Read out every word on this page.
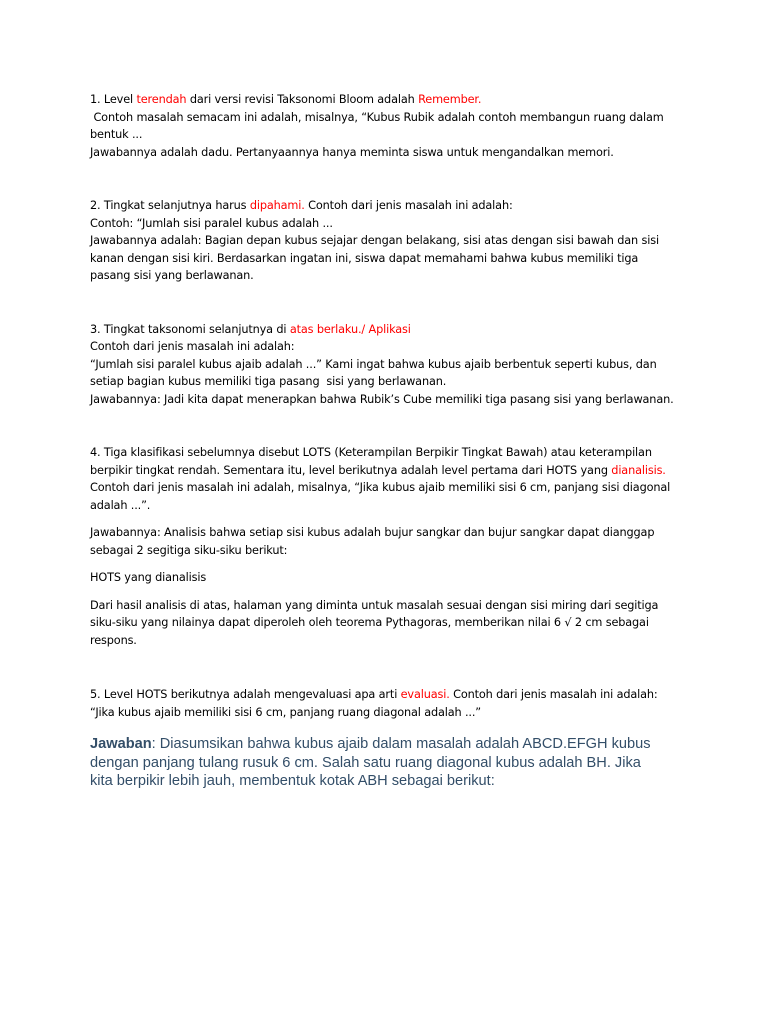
1. Level terendah dari versi revisi Taksonomi Bloom adalah Remember.

Contoh masalah semacam ini adalah, misalnya, “Kubus Rubik adalah contoh membangun ruang dalam

bentuk ...

Jawabannya adalah dadu. Pertanyaannya hanya meminta siswa untuk mengandalkan memori.

2. Tingkat selanjutnya harus dipahami. Contoh dari jenis masalah ini adalah:

Contoh: “Jumlah sisi paralel kubus adalah ...

Jawabannya adalah: Bagian depan kubus sejajar dengan belakang, sisi atas dengan sisi bawah dan sisi

kanan dengan sisi kiri. Berdasarkan ingatan ini, siswa dapat memahami bahwa kubus memiliki tiga

pasang sisi yang berlawanan.

3. Tingkat taksonomi selanjutnya di atas berlaku./ Aplikasi

Contoh dari jenis masalah ini adalah:

“Jumlah sisi paralel kubus ajaib adalah ...” Kami ingat bahwa kubus ajaib berbentuk seperti kubus, dan

setiap bagian kubus memiliki tiga pasang  sisi yang berlawanan.

Jawabannya: Jadi kita dapat menerapkan bahwa Rubik’s Cube memiliki tiga pasang sisi yang berlawanan.

4. Tiga klasifikasi sebelumnya disebut LOTS (Keterampilan Berpikir Tingkat Bawah) atau keterampilan

berpikir tingkat rendah. Sementara itu, level berikutnya adalah level pertama dari HOTS yang dianalisis.

Contoh dari jenis masalah ini adalah, misalnya, “Jika kubus ajaib memiliki sisi 6 cm, panjang sisi diagonal

adalah ...”.

Jawabannya: Analisis bahwa setiap sisi kubus adalah bujur sangkar dan bujur sangkar dapat dianggap

sebagai 2 segitiga siku-siku berikut:

HOTS yang dianalisis

Dari hasil analisis di atas, halaman yang diminta untuk masalah sesuai dengan sisi miring dari segitiga

siku-siku yang nilainya dapat diperoleh oleh teorema Pythagoras, memberikan nilai 6 √ 2 cm sebagai

respons.

5. Level HOTS berikutnya adalah mengevaluasi apa arti evaluasi. Contoh dari jenis masalah ini adalah:

“Jika kubus ajaib memiliki sisi 6 cm, panjang ruang diagonal adalah ...”

Jawaban: Diasumsikan bahwa kubus ajaib dalam masalah adalah ABCD.EFGH kubus

dengan panjang tulang rusuk 6 cm. Salah satu ruang diagonal kubus adalah BH. Jika

kita berpikir lebih jauh, membentuk kotak ABH sebagai berikut:
